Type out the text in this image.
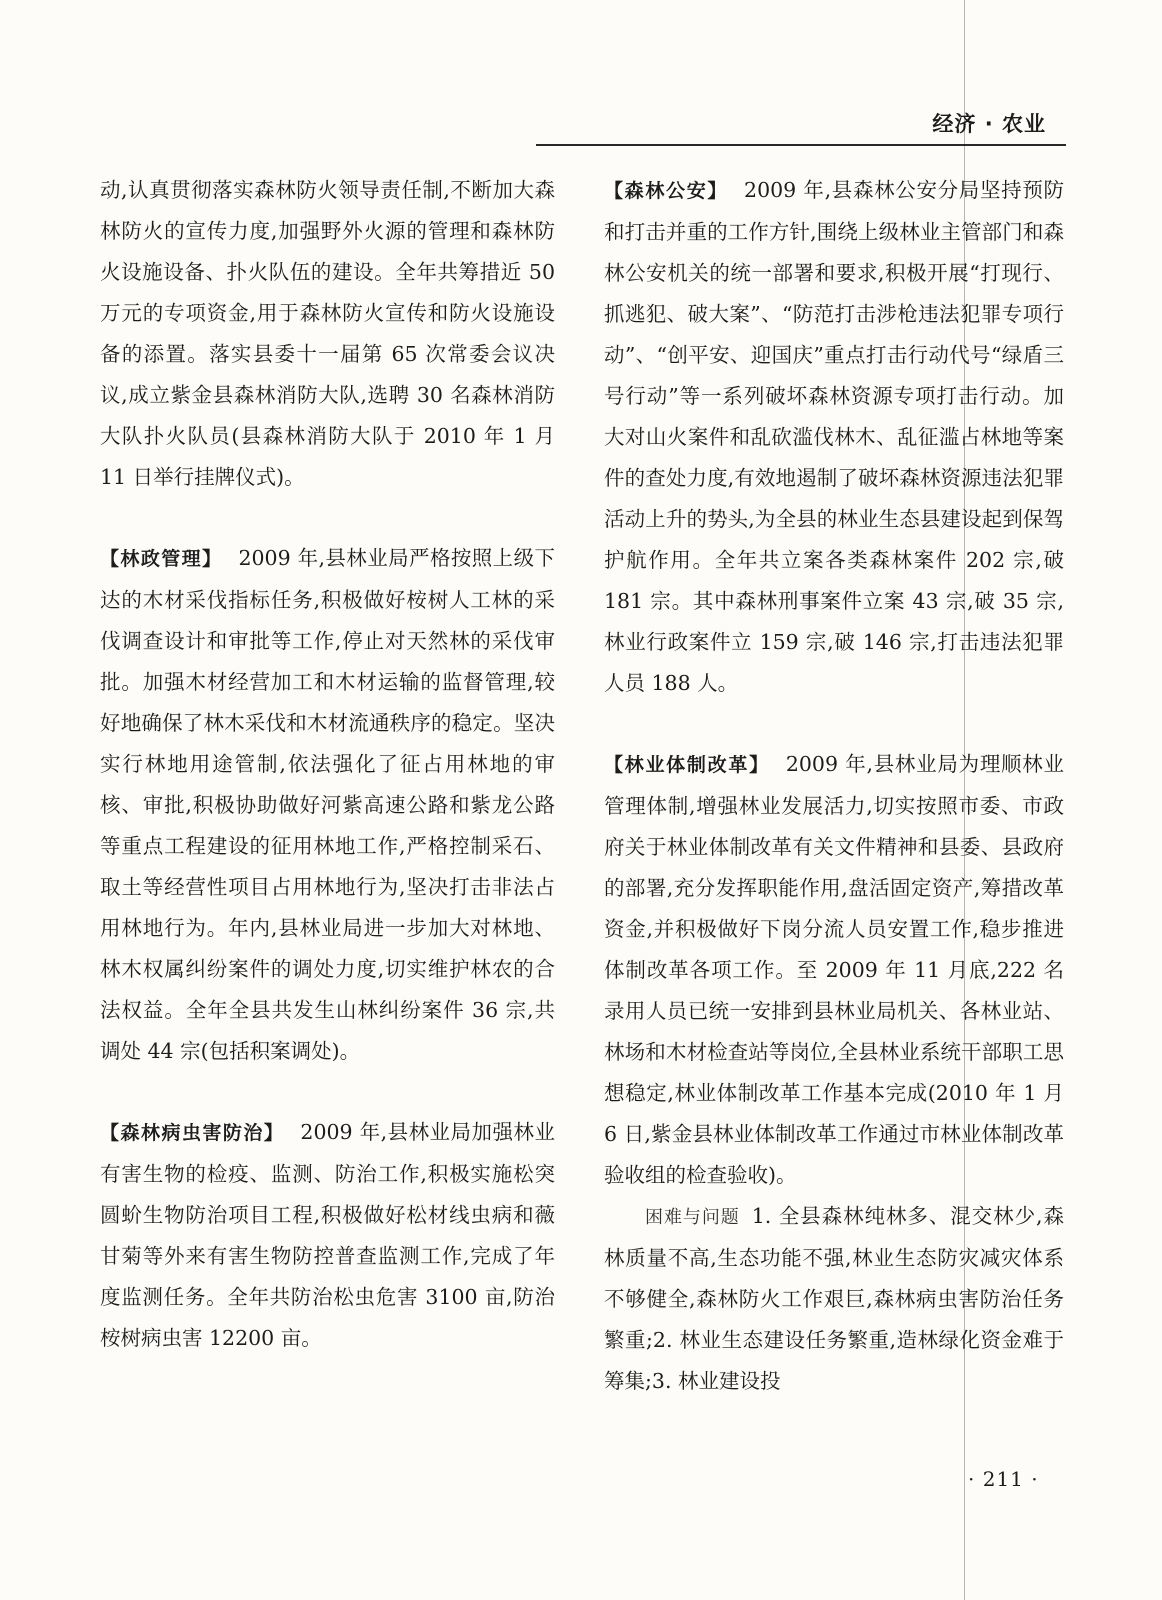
经济 · 农业

动,认真贯彻落实森林防火领导责任制,不断加大森林防火的宣传力度,加强野外火源的管理和森林防火设施设备、扑火队伍的建设。全年共筹措近 50 万元的专项资金,用于森林防火宣传和防火设施设备的添置。落实县委十一届第 65 次常委会议决议,成立紫金县森林消防大队,选聘 30 名森林消防大队扑火队员(县森林消防大队于 2010 年 1 月 11 日举行挂牌仪式)。

【林政管理】 2009 年,县林业局严格按照上级下达的木材采伐指标任务,积极做好桉树人工林的采伐调查设计和审批等工作,停止对天然林的采伐审批。加强木材经营加工和木材运输的监督管理,较好地确保了林木采伐和木材流通秩序的稳定。坚决实行林地用途管制,依法强化了征占用林地的审核、审批,积极协助做好河紫高速公路和紫龙公路等重点工程建设的征用林地工作,严格控制采石、取土等经营性项目占用林地行为,坚决打击非法占用林地行为。年内,县林业局进一步加大对林地、林木权属纠纷案件的调处力度,切实维护林农的合法权益。全年全县共发生山林纠纷案件 36 宗,共调处 44 宗(包括积案调处)。

【森林病虫害防治】 2009 年,县林业局加强林业有害生物的检疫、监测、防治工作,积极实施松突圆蚧生物防治项目工程,积极做好松材线虫病和薇甘菊等外来有害生物防控普查监测工作,完成了年度监测任务。全年共防治松虫危害 3100 亩,防治桉树病虫害 12200 亩。

【森林公安】 2009 年,县森林公安分局坚持预防和打击并重的工作方针,围绕上级林业主管部门和森林公安机关的统一部署和要求,积极开展“打现行、抓逃犯、破大案”、“防范打击涉枪违法犯罪专项行动”、“创平安、迎国庆”重点打击行动代号“绿盾三号行动”等一系列破坏森林资源专项打击行动。加大对山火案件和乱砍滥伐林木、乱征滥占林地等案件的查处力度,有效地遏制了破坏森林资源违法犯罪活动上升的势头,为全县的林业生态县建设起到保驾护航作用。全年共立案各类森林案件 202 宗,破 181 宗。其中森林刑事案件立案 43 宗,破 35 宗,林业行政案件立 159 宗,破 146 宗,打击违法犯罪人员 188 人。

【林业体制改革】 2009 年,县林业局为理顺林业管理体制,增强林业发展活力,切实按照市委、市政府关于林业体制改革有关文件精神和县委、县政府的部署,充分发挥职能作用,盘活固定资产,筹措改革资金,并积极做好下岗分流人员安置工作,稳步推进体制改革各项工作。至 2009 年 11 月底,222 名录用人员已统一安排到县林业局机关、各林业站、林场和木材检查站等岗位,全县林业系统干部职工思想稳定,林业体制改革工作基本完成(2010 年 1 月 6 日,紫金县林业体制改革工作通过市林业体制改革验收组的检查验收)。

困难与问题 1. 全县森林纯林多、混交林少,森林质量不高,生态功能不强,林业生态防灾减灾体系不够健全,森林防火工作艰巨,森林病虫害防治任务繁重;2. 林业生态建设任务繁重,造林绿化资金难于筹集;3. 林业建设投

· 211 ·
